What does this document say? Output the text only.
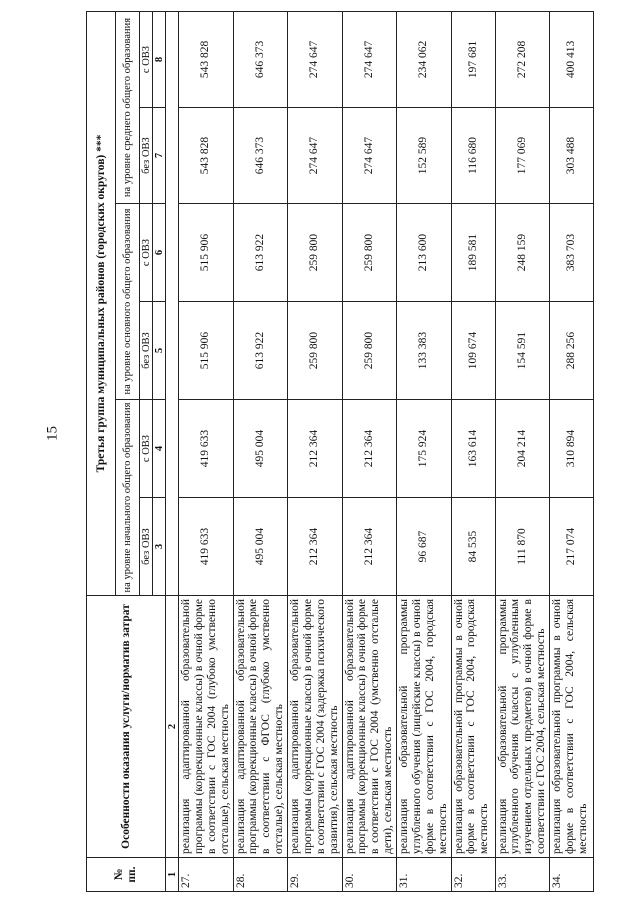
15
№ пп.	Особенности оказания услуги/норматив затрат	Третья группа муниципальных районов (городских округов) ***					
		на уровне начального общего образования		на уровне основного общего образования		на уровне среднего общего образования	
		без ОВЗ	с ОВЗ	без ОВЗ	с ОВЗ	без ОВЗ	с ОВЗ
		3	4	5	6	7	8
1	2						
27.	реализация адаптированной образовательной программы (коррекционные классы) в очной форме в соответствии с ГОС 2004 (глубоко умственно отсталые), сельская местность	419 633	419 633	515 906	515 906	543 828	543 828
28.	реализация адаптированной образовательной программы (коррекционные классы) в очной форме в соответствии с ФГОС (глубоко умственно отсталые), сельская местность	495 004	495 004	613 922	613 922	646 373	646 373
29.	реализация адаптированной образовательной программы (коррекционные классы) в очной форме в соответствии с ГОС 2004 (задержка психического развития), сельская местность	212 364	212 364	259 800	259 800	274 647	274 647
30.	реализация адаптированной образовательной программы (коррекционные классы) в очной форме в соответствии с ГОС 2004 (умственно отсталые дети), сельская местность	212 364	212 364	259 800	259 800	274 647	274 647
31.	реализация образовательной программы углубленного обучения (лицейские классы) в очной форме в соответствии с ГОС 2004, городская местность	96 687	175 924	133 383	213 600	152 589	234 062
32.	реализация образовательной программы в очной форме в соответствии с ГОС 2004, городская местность	84 535	163 614	109 674	189 581	116 680	197 681
33.	реализация образовательной программы углубленного обучения (классы с углубленным изучением отдельных предметов) в очной форме в соответствии с ГОС 2004, сельская местность	111 870	204 214	154 591	248 159	177 069	272 208
34.	реализация образовательной программы в очной форме в соответствии с ГОС 2004, сельская местность	217 074	310 894	288 256	383 703	303 488	400 413
